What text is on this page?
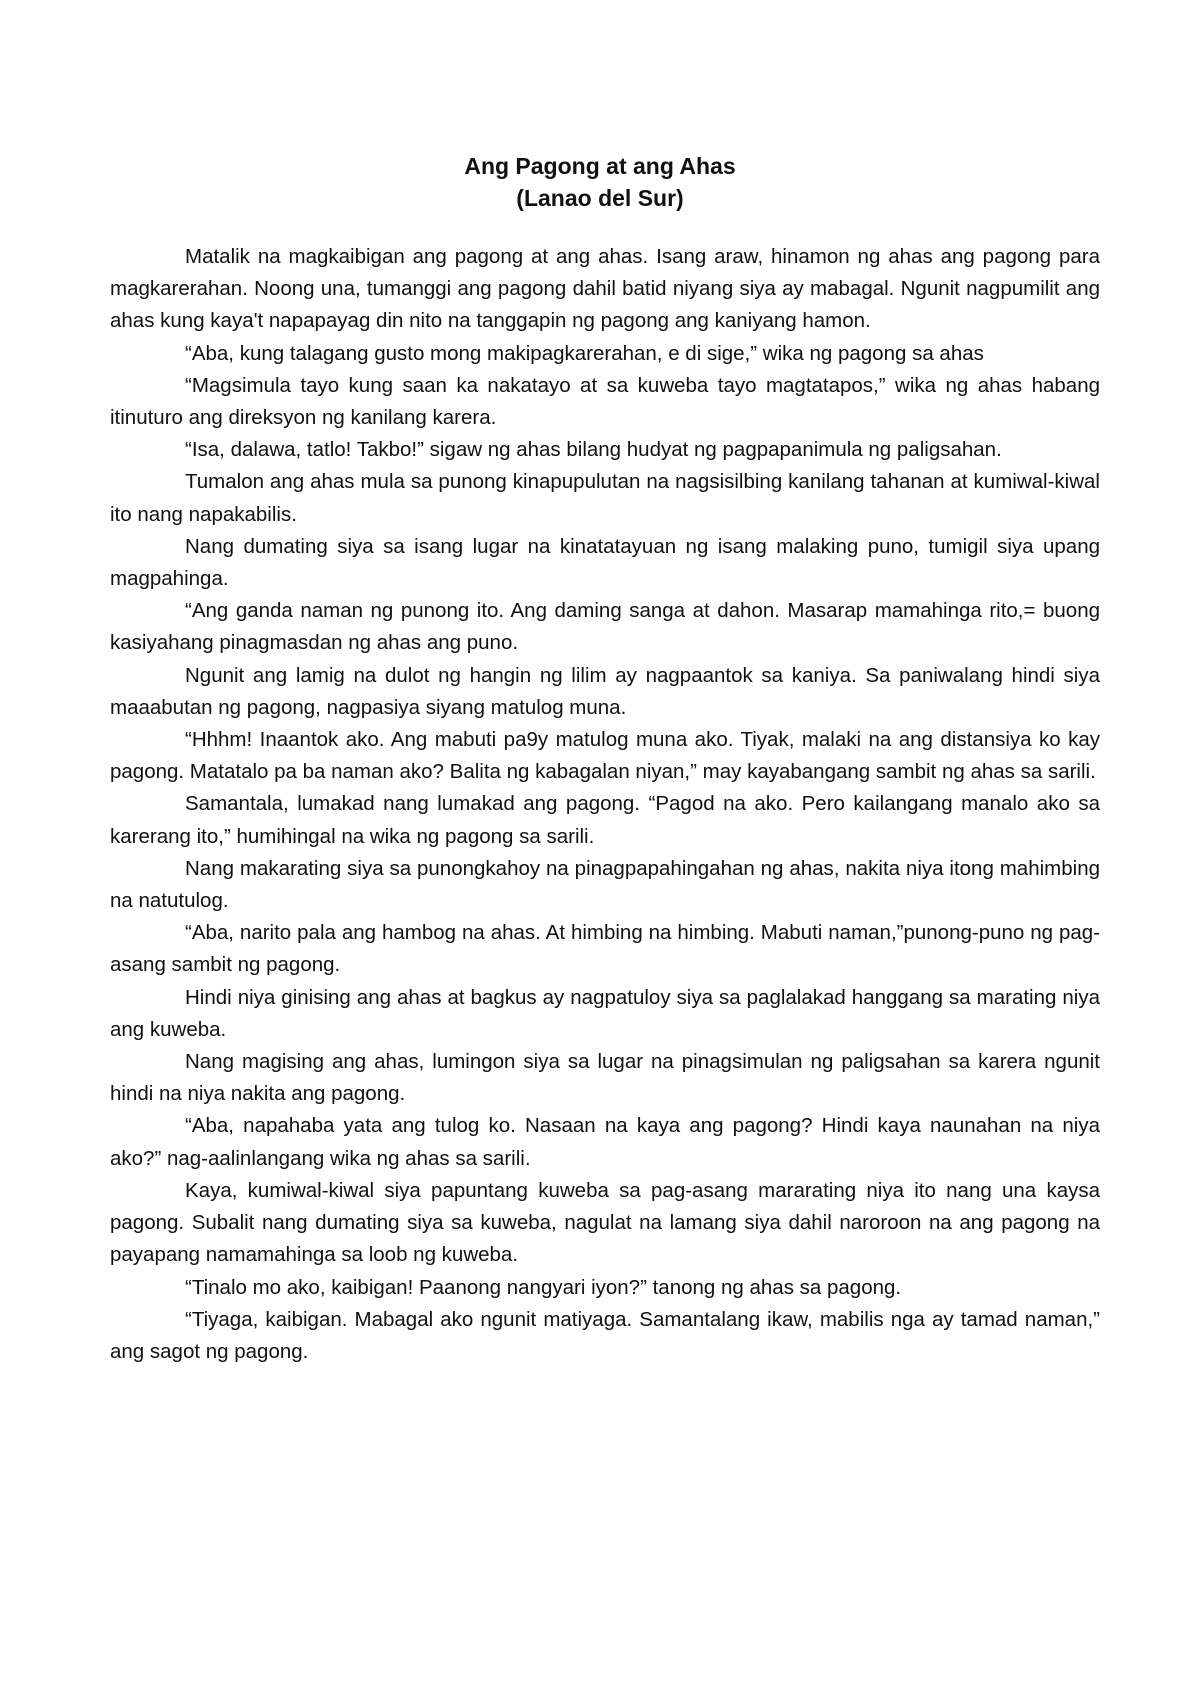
Ang Pagong at ang Ahas
(Lanao del Sur)

Matalik na magkaibigan ang pagong at ang ahas. Isang araw, hinamon ng ahas ang pagong para magkarerahan. Noong una, tumanggi ang pagong dahil batid niyang siya ay mabagal. Ngunit nagpumilit ang ahas kung kaya't napapayag din nito na tanggapin ng pagong ang kaniyang hamon.

“Aba, kung talagang gusto mong makipagkarerahan, e di sige,” wika ng pagong sa ahas

“Magsimula tayo kung saan ka nakatayo at sa kuweba tayo magtatapos,” wika ng ahas habang itinuturo ang direksyon ng kanilang karera.

“Isa, dalawa, tatlo! Takbo!” sigaw ng ahas bilang hudyat ng pagpapanimula ng paligsahan.

Tumalon ang ahas mula sa punong kinapupulutan na nagsisilbing kanilang tahanan at kumiwal-kiwal ito nang napakabilis.

Nang dumating siya sa isang lugar na kinatatayuan ng isang malaking puno, tumigil siya upang magpahinga.

“Ang ganda naman ng punong ito. Ang daming sanga at dahon. Masarap mamahinga rito,= buong kasiyahang pinagmasdan ng ahas ang puno.

Ngunit ang lamig na dulot ng hangin ng lilim ay nagpaantok sa kaniya. Sa paniwalang hindi siya maaabutan ng pagong, nagpasiya siyang matulog muna.

“Hhhm! Inaantok ako. Ang mabuti pa9y matulog muna ako. Tiyak, malaki na ang distansiya ko kay pagong. Matatalo pa ba naman ako? Balita ng kabagalan niyan,” may kayabangang sambit ng ahas sa sarili.

Samantala, lumakad nang lumakad ang pagong. “Pagod na ako. Pero kailangang manalo ako sa karerang ito,” humihingal na wika ng pagong sa sarili.

Nang makarating siya sa punongkahoy na pinagpapahingahan ng ahas, nakita niya itong mahimbing na natutulog.

“Aba, narito pala ang hambog na ahas. At himbing na himbing. Mabuti naman,”punong-puno ng pag-asang sambit ng pagong.

Hindi niya ginising ang ahas at bagkus ay nagpatuloy siya sa paglalakad hanggang sa marating niya ang kuweba.

Nang magising ang ahas, lumingon siya sa lugar na pinagsimulan ng paligsahan sa karera ngunit hindi na niya nakita ang pagong.

“Aba, napahaba yata ang tulog ko. Nasaan na kaya ang pagong? Hindi kaya naunahan na niya ako?” nag-aalinlangang wika ng ahas sa sarili.

Kaya, kumiwal-kiwal siya papuntang kuweba sa pag-asang mararating niya ito nang una kaysa pagong. Subalit nang dumating siya sa kuweba, nagulat na lamang siya dahil naroroon na ang pagong na payapang namamahinga sa loob ng kuweba.

“Tinalo mo ako, kaibigan! Paanong nangyari iyon?” tanong ng ahas sa pagong.

“Tiyaga, kaibigan. Mabagal ako ngunit matiyaga. Samantalang ikaw, mabilis nga ay tamad naman,” ang sagot ng pagong.
